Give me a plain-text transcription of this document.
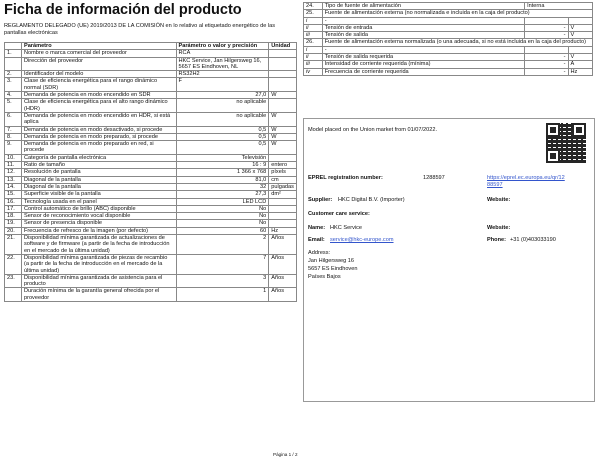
Ficha de información del producto
REGLAMENTO DELEGADO (UE) 2019/2013 DE LA COMISIÓN en lo relativo al etiquetado energético de las pantallas electrónicas
	Parámetro	Parámetro o valor y precisión	Unidad
1.	Nombre o marca comercial del proveedor	RCA	
	Dirección del proveedor	HKC Service, Jan Hilgersweg 16, 5657 ES Eindhoven, NL	
2.	Identificador del modelo	RS32H2	
3.	Clase de eficiencia energética para el rango dinámico normal (SDR)	F	
4.	Demanda de potencia en modo encendido en SDR	27,0	W
5.	Clase de eficiencia energética para el alto rango dinámico (HDR)	no aplicable	
6.	Demanda de potencia en modo encendido en HDR, si está aplica	no aplicable	W
7.	Demanda de potencia en modo desactivado, si procede	0,5	W
8.	Demanda de potencia en modo preparado, si procede	0,5	W
9.	Demanda de potencia en modo preparado en red, si procede	0,5	W
10.	Categoría de pantalla electrónica	Televisión	
11.	Ratio de tamaño	16 : 9	entero
12.	Resolución de pantalla	1 366 x 768	píxels
13.	Diagonal de la pantalla	81,0	cm
14.	Diagonal de la pantalla	32	pulgadas
15.	Superficie visible de la pantalla	27,3	dm²
16.	Tecnología usada en el panel	LED LCD	
17.	Control automático de brillo (ABC) disponible	No	
18.	Sensor de reconocimiento vocal disponible	No	
19.	Sensor de presencia disponible	No	
20.	Frecuencia de refresco de la imagen (por defecto)	60	Hz
21.	Disponibilidad mínima garantizada de actualizaciones de software y de firmware (a partir de la fecha de introducción en el mercado de la última unidad)	2	Años
22.	Disponibilidad mínima garantizada de piezas de recambio (a partir de la fecha de introducción en el mercado de la última unidad)	7	Años
23.	Disponibilidad mínima garantizada de asistencia para el producto	3	Años
	Duración mínima de la garantía general ofrecida por el proveedor	1	Años
24.	Tipo de fuente de alimentación	Interna	
25.	Fuente de alimentación externa (no normalizada e incluida en la caja del producto)		
i	-		
ii	Tensión de entrada	-	V
iii	Tensión de salida	-	V
26.	Fuente de alimentación externa normalizada (o una adecuada, si no está incluida en la caja del producto)		
i	-		
ii	Tensión de salida requerida	-	V
iii	Intensidad de corriente requerida (mínima)	-	A
iv	Frecuencia de corriente requerida	-	Hz
Model placed on the Union market from 01/07/2022.
EPREL registration number:	1288597	https://eprel.ec.europa.eu/qr/12
88597
Supplier: HKC Digital B.V. (Importer)	Website:
Customer care service:
Name: HKC Service	Website:
Email: service@hkc-europe.com	Phone: +31 (0)403033190
Address:
Jan Hilgersweg 16
5657 ES Eindhoven
Países Bajos
Página 1 / 2
